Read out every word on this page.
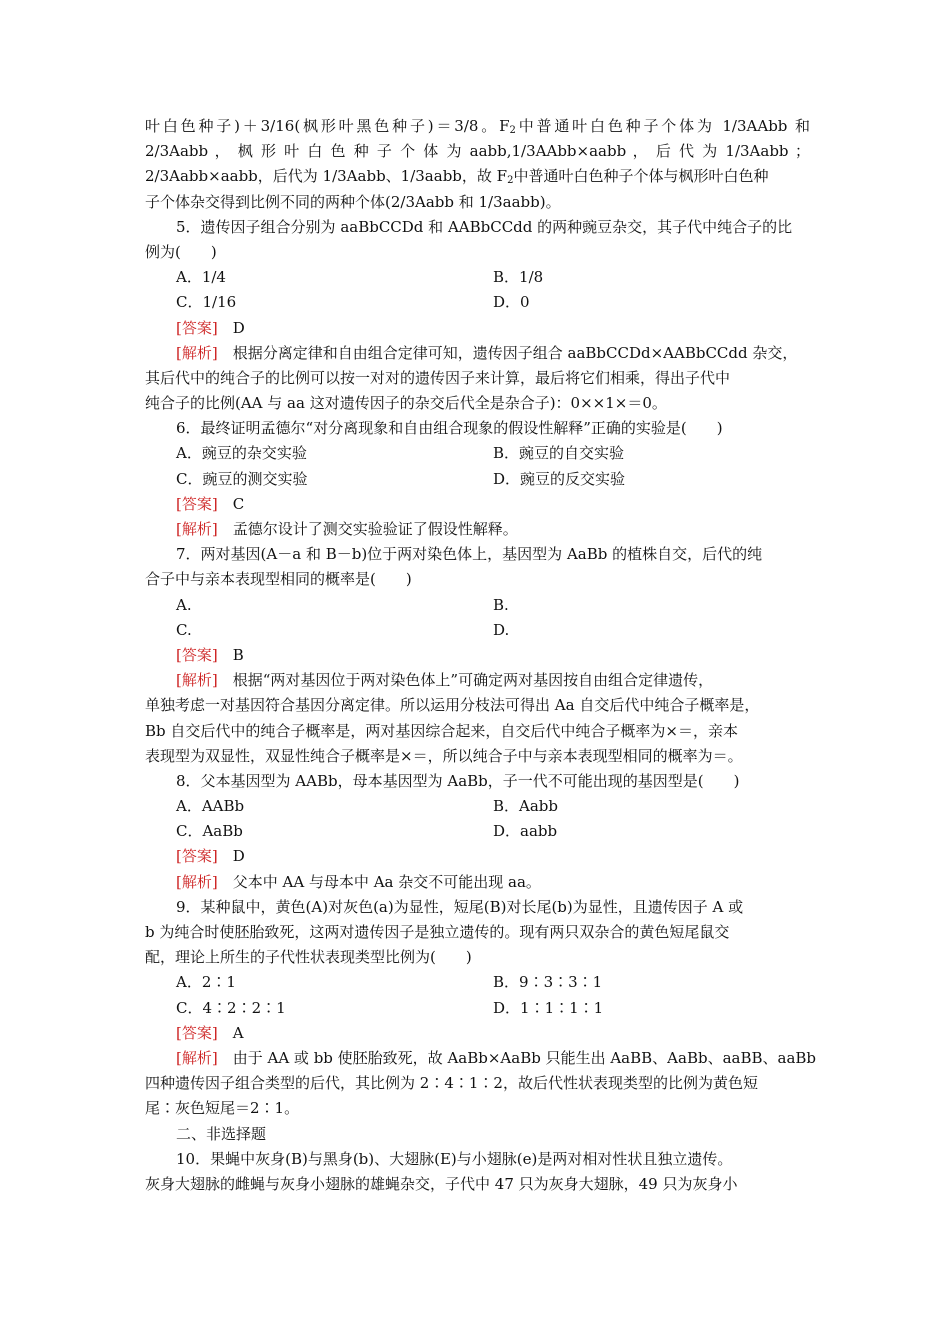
叶白色种子)＋3/16(枫形叶黑色种子)＝3/8。$F_2$中普通叶白色种子个体为 1/3AAbb 和
2/3Aabb ， 枫 形 叶 白 色 种 子 个 体 为 aabb,1/3AAbb×aabb ， 后 代 为 1/3Aabb ；
2/3Aabb×aabb，后代为 1/3Aabb、1/3aabb，故 $F_2$中普通叶白色种子个体与枫形叶白色种
子个体杂交得到比例不同的两种个体(2/3Aabb 和 1/3aabb)。
5．遗传因子组合分别为 aaBbCCDd 和 AABbCCdd 的两种豌豆杂交，其子代中纯合子的比
例为(　　)
A．1/4	B．1/8
C．1/16	D．0
[答案]　 D
[解析]　 根据分离定律和自由组合定律可知，遗传因子组合 aaBbCCDd×AABbCCdd 杂交，
其后代中的纯合子的比例可以按一对对的遗传因子来计算，最后将它们相乘，得出子代中
纯合子的比例(AA 与 aa 这对遗传因子的杂交后代全是杂合子)：0××1×＝0。
6．最终证明孟德尔“对分离现象和自由组合现象的假设性解释”正确的实验是(　　)
A．豌豆的杂交实验	B．豌豆的自交实验
C．豌豆的测交实验	D．豌豆的反交实验
[答案]　 C
[解析]　 孟德尔设计了测交实验验证了假设性解释。
7．两对基因(A－a 和 B－b)位于两对染色体上，基因型为 AaBb 的植株自交，后代的纯
合子中与亲本表现型相同的概率是(　　)
A.	B.
C.	D.
[答案]　 B
[解析]　 根据“两对基因位于两对染色体上”可确定两对基因按自由组合定律遗传，
单独考虑一对基因符合基因分离定律。所以运用分枝法可得出 Aa 自交后代中纯合子概率是，
Bb 自交后代中的纯合子概率是，两对基因综合起来，自交后代中纯合子概率为×＝，亲本
表现型为双显性，双显性纯合子概率是×＝，所以纯合子中与亲本表现型相同的概率为＝。
8．父本基因型为 AABb，母本基因型为 AaBb，子一代不可能出现的基因型是(　　)
A．AABb	B．Aabb
C．AaBb	D．aabb
[答案]　 D
[解析]　 父本中 AA 与母本中 Aa 杂交不可能出现 aa。
9．某种鼠中，黄色(A)对灰色(a)为显性，短尾(B)对长尾(b)为显性，且遗传因子 A 或
b 为纯合时使胚胎致死，这两对遗传因子是独立遗传的。现有两只双杂合的黄色短尾鼠交
配，理论上所生的子代性状表现类型比例为(　　)
A．2∶1	B．9∶3∶3∶1
C．4∶2∶2∶1	D．1∶1∶1∶1
[答案]　 A
[解析]　 由于 AA 或 bb 使胚胎致死，故 AaBb×AaBb 只能生出 AaBB、AaBb、aaBB、aaBb
四种遗传因子组合类型的后代，其比例为 2∶4∶1∶2，故后代性状表现类型的比例为黄色短
尾∶灰色短尾＝2∶1。
二、非选择题
10．果蝇中灰身(B)与黑身(b)、大翅脉(E)与小翅脉(e)是两对相对性状且独立遗传。
灰身大翅脉的雌蝇与灰身小翅脉的雄蝇杂交，子代中 47 只为灰身大翅脉，49 只为灰身小
